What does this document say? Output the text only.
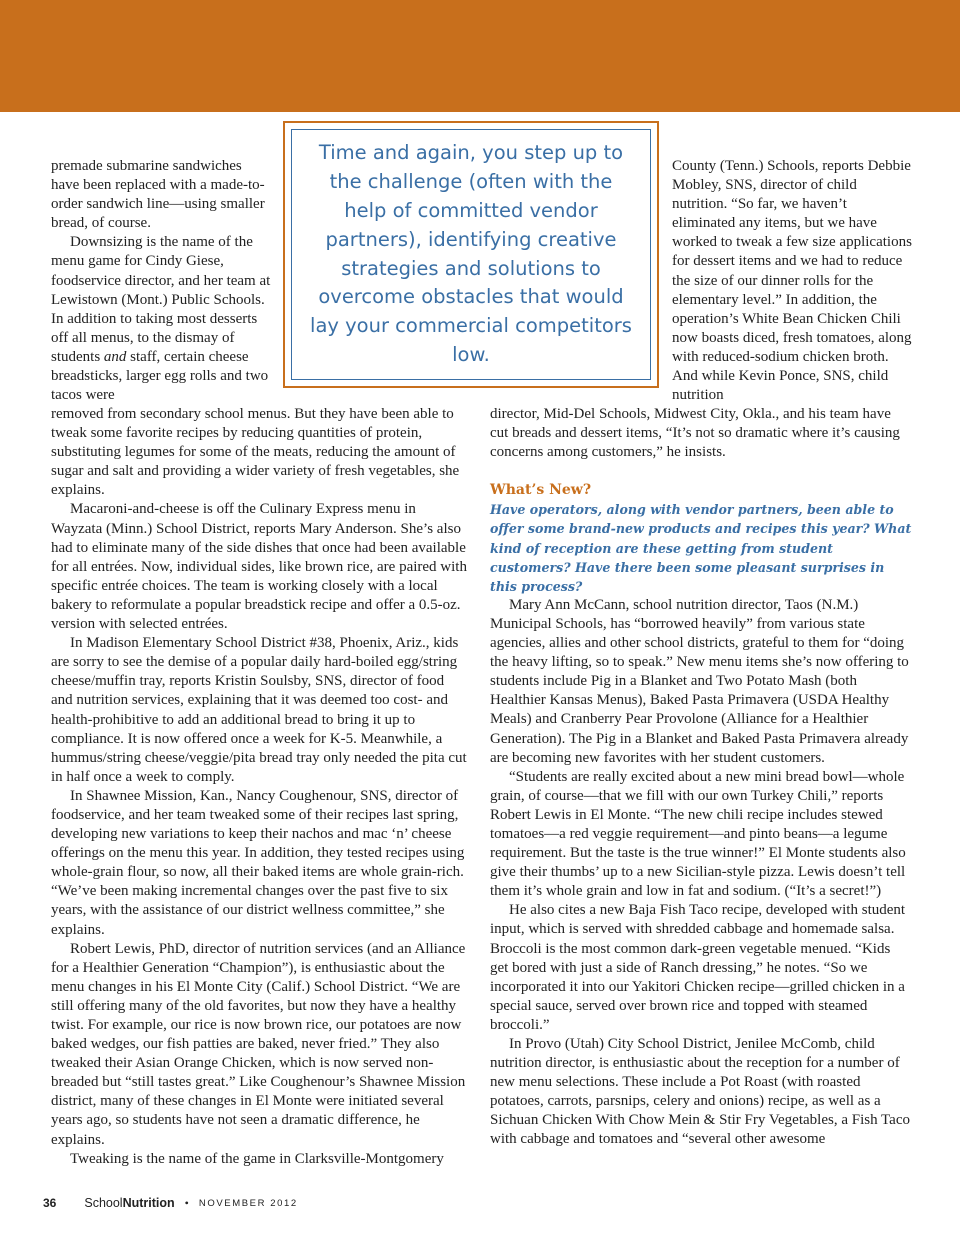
Time and again, you step up to the challenge (often with the help of committed vendor partners), identifying creative strategies and solutions to overcome obstacles that would lay your commercial competitors low.

premade submarine sandwiches have been replaced with a made-to-order sandwich line—using smaller bread, of course.

Downsizing is the name of the menu game for Cindy Giese, foodservice director, and her team at Lewistown (Mont.) Public Schools. In addition to taking most desserts off all menus, to the dismay of students and staff, certain cheese breadsticks, larger egg rolls and two tacos were

removed from secondary school menus. But they have been able to tweak some favorite recipes by reducing quantities of protein, substituting legumes for some of the meats, reducing the amount of sugar and salt and providing a wider variety of fresh vegetables, she explains.

Macaroni-and-cheese is off the Culinary Express menu in Wayzata (Minn.) School District, reports Mary Anderson. She’s also had to eliminate many of the side dishes that once had been available for all entrées. Now, individual sides, like brown rice, are paired with specific entrée choices. The team is working closely with a local bakery to reformulate a popular breadstick recipe and offer a 0.5-oz. version with selected entrées.

In Madison Elementary School District #38, Phoenix, Ariz., kids are sorry to see the demise of a popular daily hard-boiled egg/string cheese/muffin tray, reports Kristin Soulsby, SNS, director of food and nutrition services, explaining that it was deemed too cost- and health-prohibitive to add an additional bread to bring it up to compliance. It is now offered once a week for K-5. Meanwhile, a hummus/string cheese/veggie/pita bread tray only needed the pita cut in half once a week to comply.

In Shawnee Mission, Kan., Nancy Coughenour, SNS, director of foodservice, and her team tweaked some of their recipes last spring, developing new variations to keep their nachos and mac ‘n’ cheese offerings on the menu this year. In addition, they tested recipes using whole-grain flour, so now, all their baked items are whole grain-rich. “We’ve been making incremental changes over the past five to six years, with the assistance of our district wellness committee,” she explains.

Robert Lewis, PhD, director of nutrition services (and an Alliance for a Healthier Generation “Champion”), is enthusiastic about the menu changes in his El Monte City (Calif.) School District. “We are still offering many of the old favorites, but now they have a healthy twist. For example, our rice is now brown rice, our potatoes are now baked wedges, our fish patties are baked, never fried.” They also tweaked their Asian Orange Chicken, which is now served non-breaded but “still tastes great.” Like Coughenour’s Shawnee Mission district, many of these changes in El Monte were initiated several years ago, so students have not seen a dramatic difference, he explains.

Tweaking is the name of the game in Clarksville-Montgomery

County (Tenn.) Schools, reports Debbie Mobley, SNS, director of child nutrition. “So far, we haven’t eliminated any items, but we have worked to tweak a few size applications for dessert items and we had to reduce the size of our dinner rolls for the elementary level.” In addition, the operation’s White Bean Chicken Chili now boasts diced, fresh tomatoes, along with reduced-sodium chicken broth. And while Kevin Ponce, SNS, child nutrition

director, Mid-Del Schools, Midwest City, Okla., and his team have cut breads and dessert items, “It’s not so dramatic where it’s causing concerns among customers,” he insists.

What’s New?

Have operators, along with vendor partners, been able to offer some brand-new products and recipes this year? What kind of reception are these getting from student customers? Have there been some pleasant surprises in this process?

Mary Ann McCann, school nutrition director, Taos (N.M.) Municipal Schools, has “borrowed heavily” from various state agencies, allies and other school districts, grateful to them for “doing the heavy lifting, so to speak.” New menu items she’s now offering to students include Pig in a Blanket and Two Potato Mash (both Healthier Kansas Menus), Baked Pasta Primavera (USDA Healthy Meals) and Cranberry Pear Provolone (Alliance for a Healthier Generation). The Pig in a Blanket and Baked Pasta Primavera already are becoming new favorites with her student customers.

“Students are really excited about a new mini bread bowl—whole grain, of course—that we fill with our own Turkey Chili,” reports Robert Lewis in El Monte. “The new chili recipe includes stewed tomatoes—a red veggie requirement—and pinto beans—a legume requirement. But the taste is the true winner!” El Monte students also give their thumbs’ up to a new Sicilian-style pizza. Lewis doesn’t tell them it’s whole grain and low in fat and sodium. (“It’s a secret!”)

He also cites a new Baja Fish Taco recipe, developed with student input, which is served with shredded cabbage and homemade salsa. Broccoli is the most common dark-green vegetable menued. “Kids get bored with just a side of Ranch dressing,” he notes. “So we incorporated it into our Yakitori Chicken recipe—grilled chicken in a special sauce, served over brown rice and topped with steamed broccoli.”

In Provo (Utah) City School District, Jenilee McComb, child nutrition director, is enthusiastic about the reception for a number of new menu selections. These include a Pot Roast (with roasted potatoes, carrots, parsnips, celery and onions) recipe, as well as a Sichuan Chicken With Chow Mein & Stir Fry Vegetables, a Fish Taco with cabbage and tomatoes and “several other awesome

36 School Nutrition • NOVEMBER 2012
